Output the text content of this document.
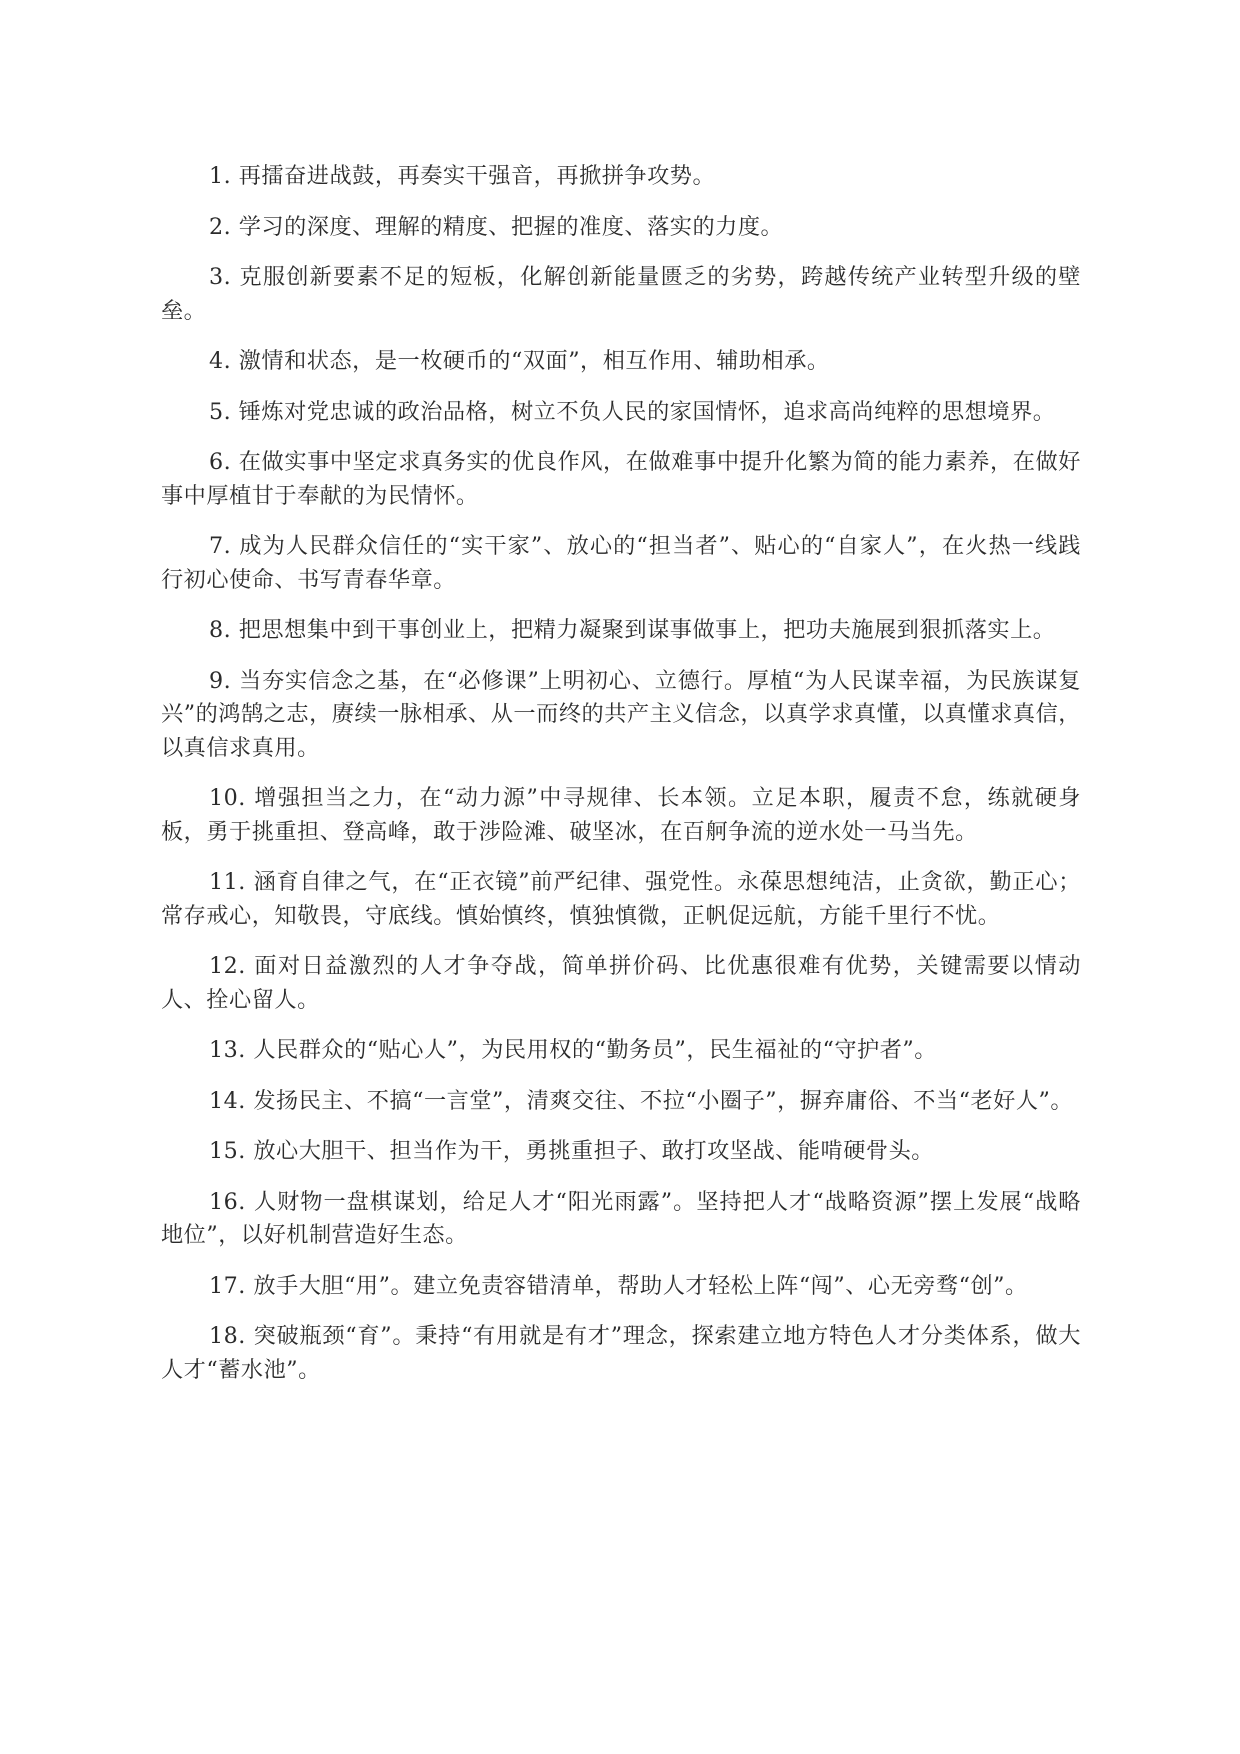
1. 再擂奋进战鼓，再奏实干强音，再掀拼争攻势。

2. 学习的深度、理解的精度、把握的准度、落实的力度。

3. 克服创新要素不足的短板，化解创新能量匮乏的劣势，跨越传统产业转型升级的壁垒。

4. 激情和状态，是一枚硬币的“双面”，相互作用、辅助相承。

5. 锤炼对党忠诚的政治品格，树立不负人民的家国情怀，追求高尚纯粹的思想境界。

6. 在做实事中坚定求真务实的优良作风，在做难事中提升化繁为简的能力素养，在做好事中厚植甘于奉献的为民情怀。

7. 成为人民群众信任的“实干家”、放心的“担当者”、贴心的“自家人”，在火热一线践行初心使命、书写青春华章。

8. 把思想集中到干事创业上，把精力凝聚到谋事做事上，把功夫施展到狠抓落实上。

9. 当夯实信念之基，在“必修课”上明初心、立德行。厚植“为人民谋幸福，为民族谋复兴”的鸿鹄之志，赓续一脉相承、从一而终的共产主义信念，以真学求真懂，以真懂求真信，以真信求真用。

10. 增强担当之力，在“动力源”中寻规律、长本领。立足本职，履责不怠，练就硬身板，勇于挑重担、登高峰，敢于涉险滩、破坚冰，在百舸争流的逆水处一马当先。

11. 涵育自律之气，在“正衣镜”前严纪律、强党性。永葆思想纯洁，止贪欲，勤正心；常存戒心，知敬畏，守底线。慎始慎终，慎独慎微，正帆促远航，方能千里行不忧。

12. 面对日益激烈的人才争夺战，简单拼价码、比优惠很难有优势，关键需要以情动人、拴心留人。

13. 人民群众的“贴心人”，为民用权的“勤务员”，民生福祉的“守护者”。

14. 发扬民主、不搞“一言堂”，清爽交往、不拉“小圈子”，摒弃庸俗、不当“老好人”。

15. 放心大胆干、担当作为干，勇挑重担子、敢打攻坚战、能啃硬骨头。

16. 人财物一盘棋谋划，给足人才“阳光雨露”。坚持把人才“战略资源”摆上发展“战略地位”，以好机制营造好生态。

17. 放手大胆“用”。建立免责容错清单，帮助人才轻松上阵“闯”、心无旁骛“创”。

18. 突破瓶颈“育”。秉持“有用就是有才”理念，探索建立地方特色人才分类体系，做大人才“蓄水池”。
